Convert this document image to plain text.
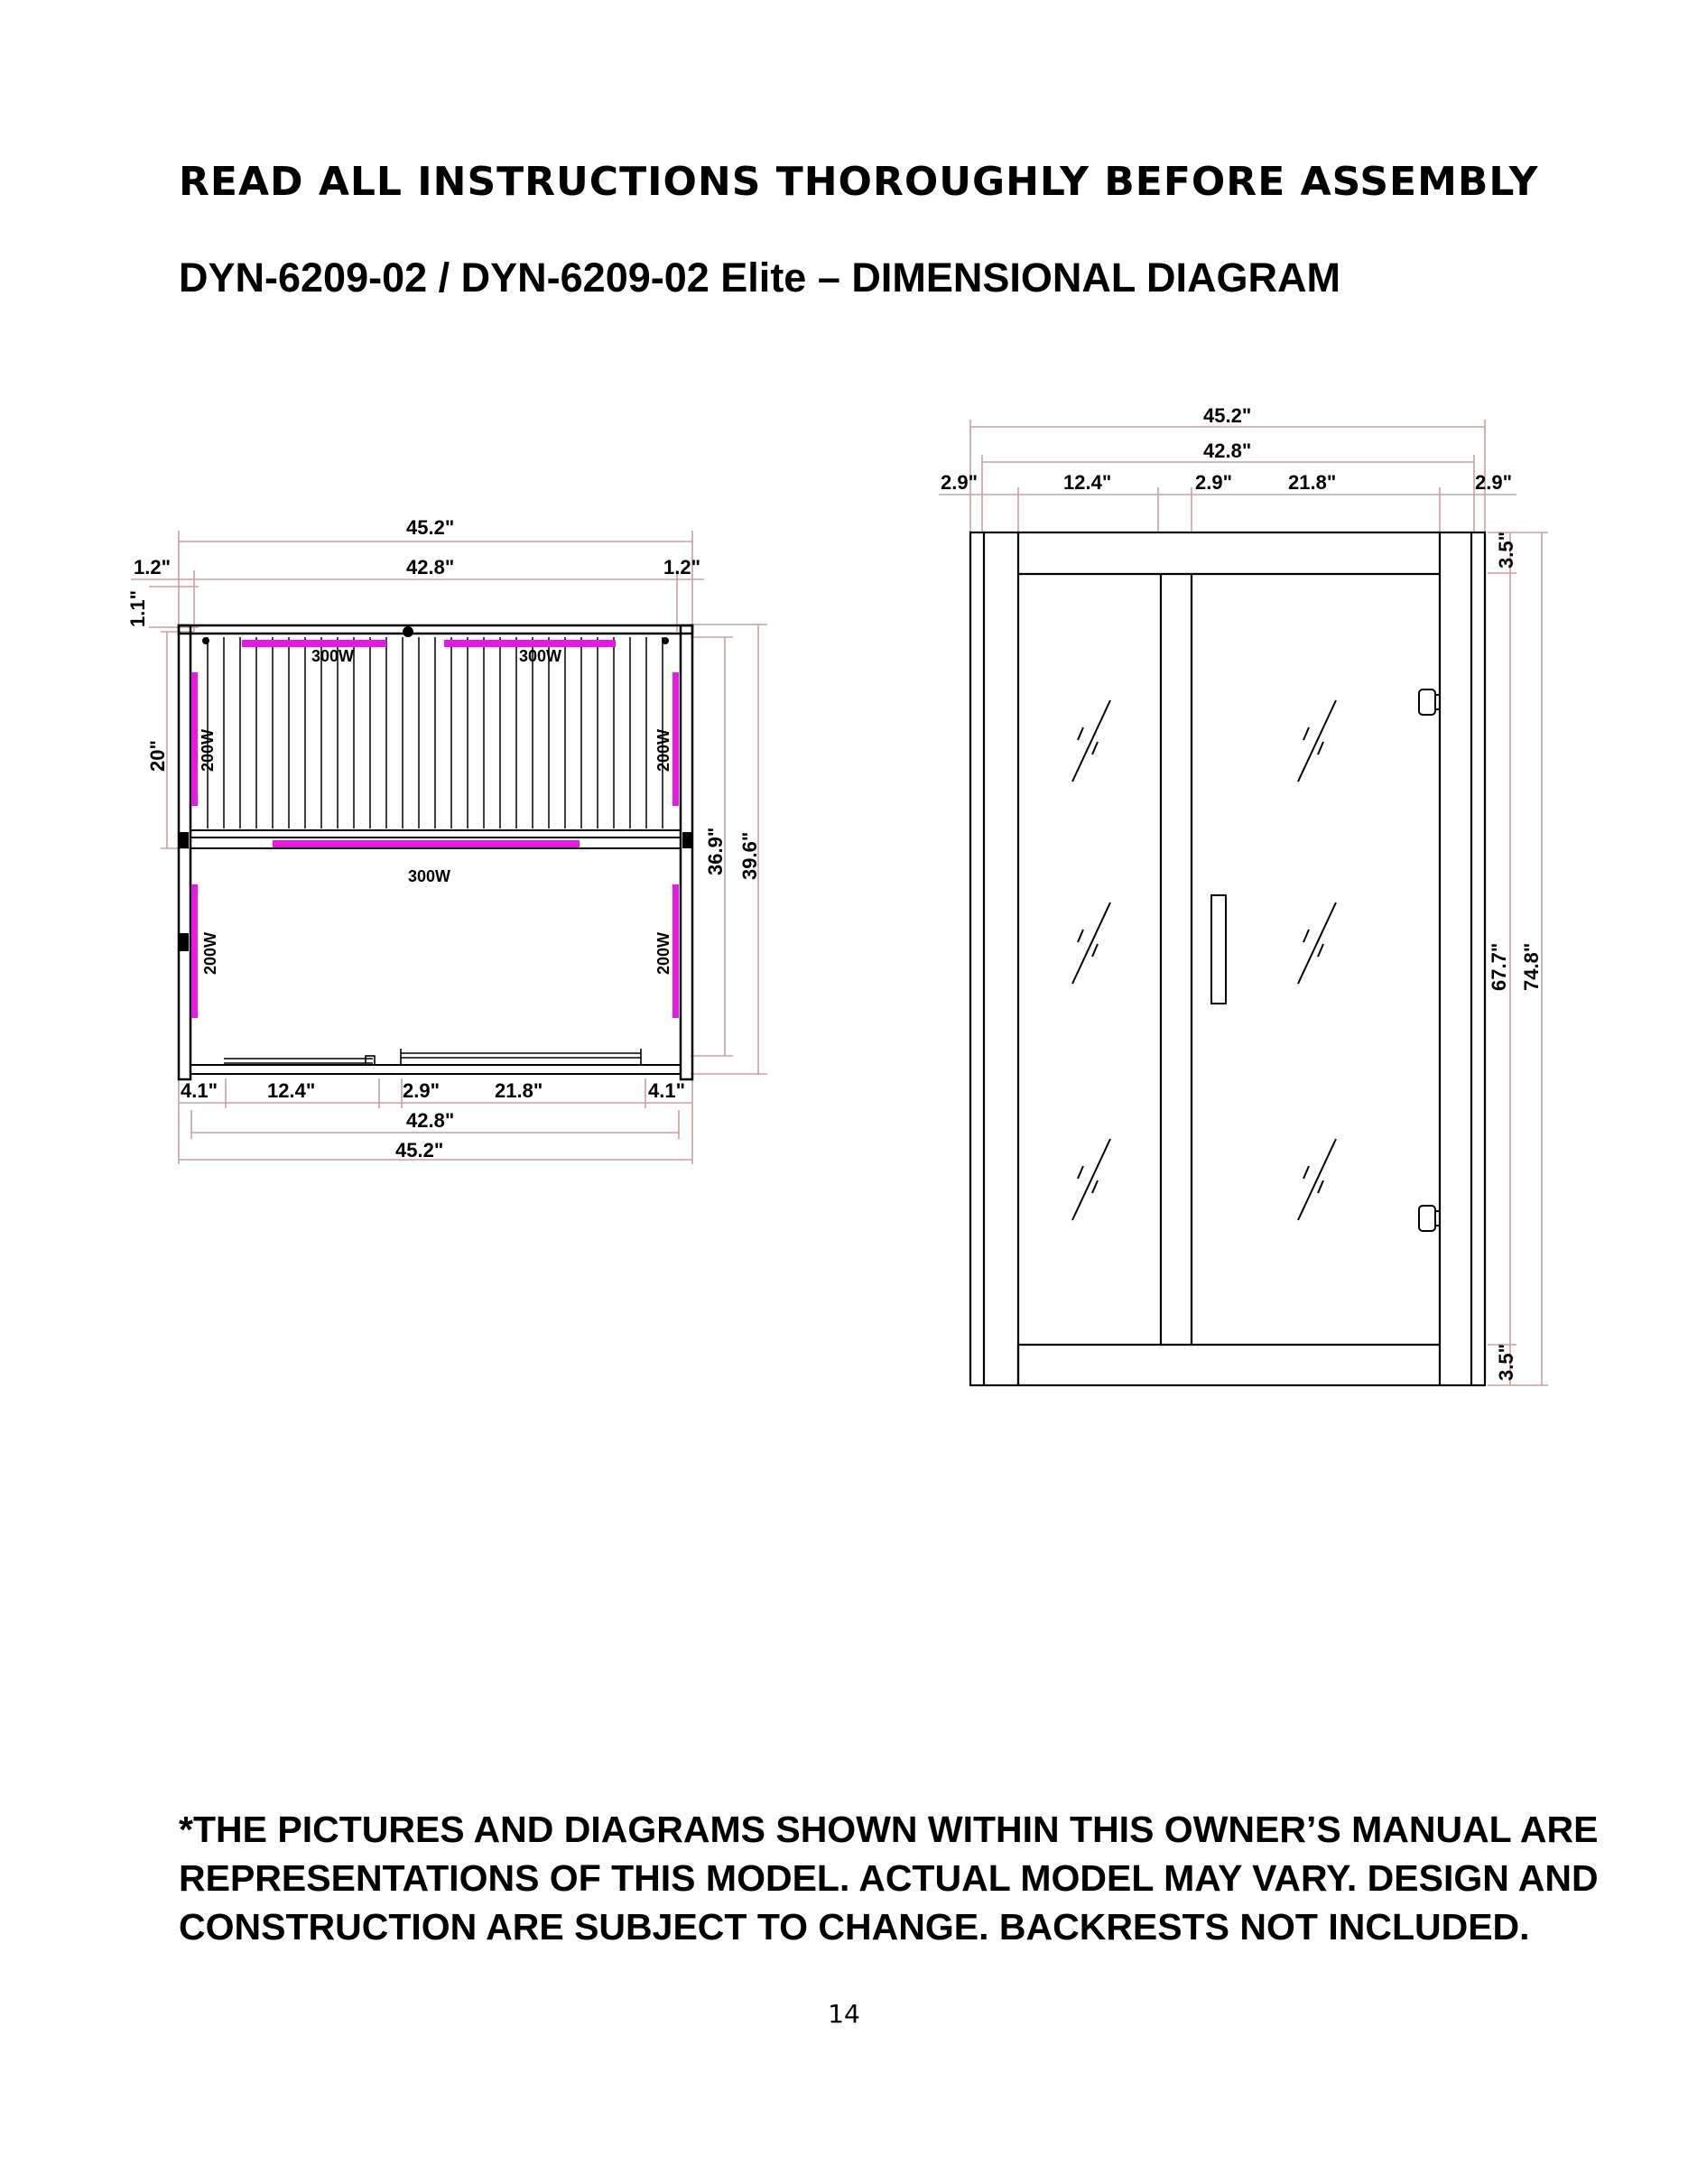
READ ALL INSTRUCTIONS THOROUGHLY BEFORE ASSEMBLY
DYN-6209-02 / DYN-6209-02 Elite – DIMENSIONAL DIAGRAM
300W	300W
300W
200W	200W
200W	200W
45.2"
42.8"
1.2"	1.2"
1.1"
20"
36.9" 39.6"
4.1" 12.4"	2.9"	21.8"	4.1"
42.8"
45.2"
45.2"
42.8"
2.9"	12.4"	2.9"	21.8"	2.9"
3.5"
67.7" 74.8"
3.5"

*THE PICTURES AND DIAGRAMS SHOWN WITHIN THIS OWNER’S MANUAL ARE REPRESENTATIONS OF THIS MODEL. ACTUAL MODEL MAY VARY. DESIGN AND CONSTRUCTION ARE SUBJECT TO CHANGE. BACKRESTS NOT INCLUDED.

14
